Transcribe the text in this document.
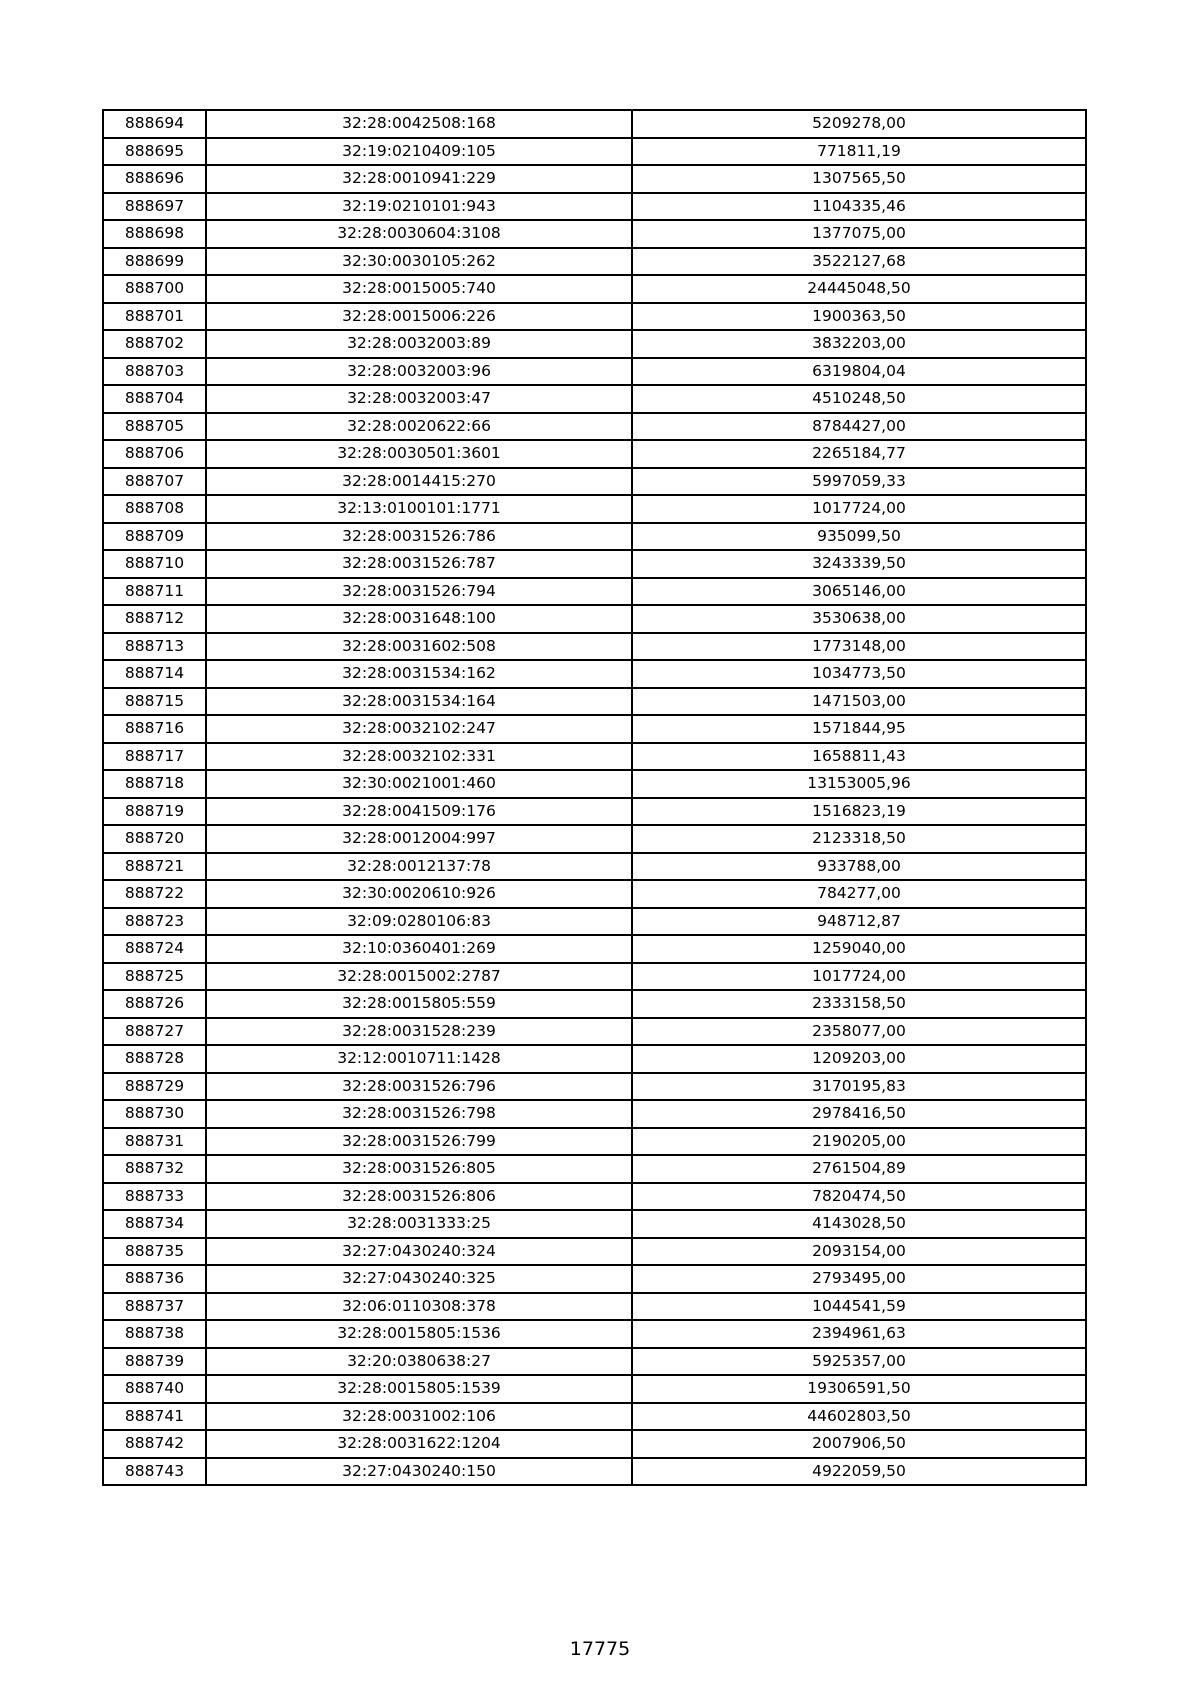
888694	32:28:0042508:168	5209278,00
888695	32:19:0210409:105	771811,19
888696	32:28:0010941:229	1307565,50
888697	32:19:0210101:943	1104335,46
888698	32:28:0030604:3108	1377075,00
888699	32:30:0030105:262	3522127,68
888700	32:28:0015005:740	24445048,50
888701	32:28:0015006:226	1900363,50
888702	32:28:0032003:89	3832203,00
888703	32:28:0032003:96	6319804,04
888704	32:28:0032003:47	4510248,50
888705	32:28:0020622:66	8784427,00
888706	32:28:0030501:3601	2265184,77
888707	32:28:0014415:270	5997059,33
888708	32:13:0100101:1771	1017724,00
888709	32:28:0031526:786	935099,50
888710	32:28:0031526:787	3243339,50
888711	32:28:0031526:794	3065146,00
888712	32:28:0031648:100	3530638,00
888713	32:28:0031602:508	1773148,00
888714	32:28:0031534:162	1034773,50
888715	32:28:0031534:164	1471503,00
888716	32:28:0032102:247	1571844,95
888717	32:28:0032102:331	1658811,43
888718	32:30:0021001:460	13153005,96
888719	32:28:0041509:176	1516823,19
888720	32:28:0012004:997	2123318,50
888721	32:28:0012137:78	933788,00
888722	32:30:0020610:926	784277,00
888723	32:09:0280106:83	948712,87
888724	32:10:0360401:269	1259040,00
888725	32:28:0015002:2787	1017724,00
888726	32:28:0015805:559	2333158,50
888727	32:28:0031528:239	2358077,00
888728	32:12:0010711:1428	1209203,00
888729	32:28:0031526:796	3170195,83
888730	32:28:0031526:798	2978416,50
888731	32:28:0031526:799	2190205,00
888732	32:28:0031526:805	2761504,89
888733	32:28:0031526:806	7820474,50
888734	32:28:0031333:25	4143028,50
888735	32:27:0430240:324	2093154,00
888736	32:27:0430240:325	2793495,00
888737	32:06:0110308:378	1044541,59
888738	32:28:0015805:1536	2394961,63
888739	32:20:0380638:27	5925357,00
888740	32:28:0015805:1539	19306591,50
888741	32:28:0031002:106	44602803,50
888742	32:28:0031622:1204	2007906,50
888743	32:27:0430240:150	4922059,50
17775
